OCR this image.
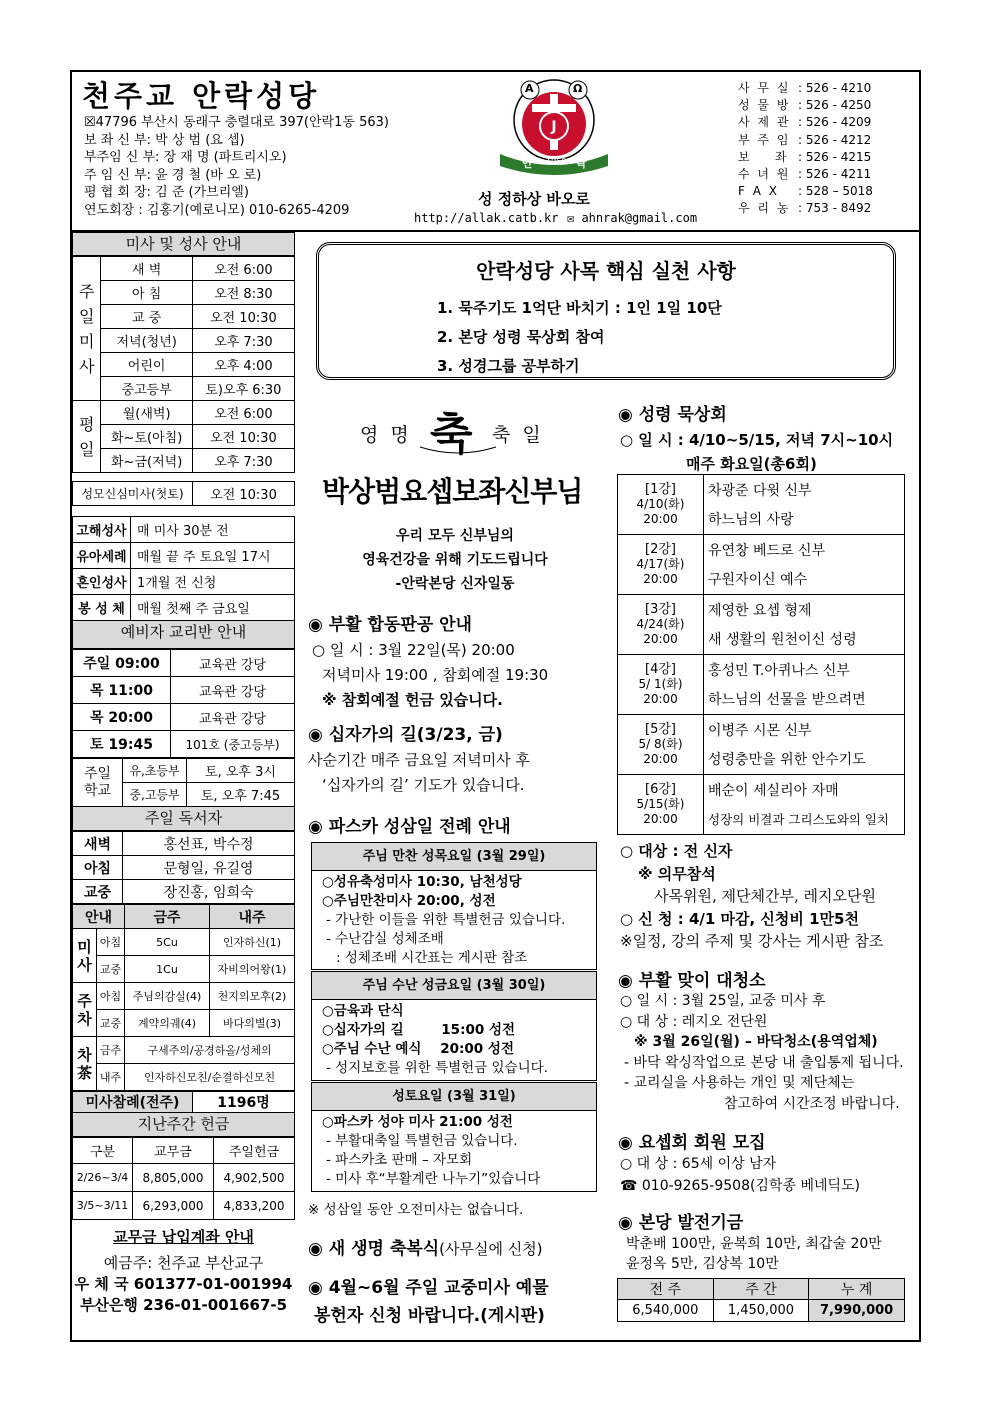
천주교 안락성당
☒47796 부산시 동래구 충렬대로 397(안락1동 563)
보 좌 신 부: 박 상 범 (요 셉)
부주임 신 부: 장 재 명 (파트리시오)
주 임 신 부: 윤 경 철 (바 오 로)
평 협 회 장: 김 준 (가브리엘)
연도회장 : 김홍기(예로니모) 010-6265-4209
J
A	Ω
안 1966 락
성 정하상 바오로
http://allak.catb.kr ✉ ahnrak@gmail.com
사 무 실 : 526 - 4210
성 물 방 : 526 - 4250
사 제 관 : 526 - 4209
부 주 임 : 526 - 4212
보    좌 : 526 - 4215
수 녀 원 : 526 - 4211
F A X : 528 – 5018
우 리 농 : 753 - 8492
미사 및 성사 안내
주일미사	새 벽	오전 6:00
	아 침	오전 8:30
	교 중	오전 10:30
	저녁(청년)	오후 7:30
	어린이	오후 4:00
	중고등부	토)오후 6:30
평일	월(새벽)	오전 6:00
	화~토(아침)	오전 10:30
	화~금(저녁)	오후 7:30
성모신심미사(첫토)	오전 10:30
고해성사	매 미사 30분 전
유아세례	매월 끝 주 토요일 17시
혼인성사	1개월 전 신청
봉 성 체	매월 첫째 주 금요일
예비자 교리반 안내
주일 09:00	교육관 강당
목 11:00	교육관 강당
목 20:00	교육관 강당
토 19:45	101호 (중고등부)
주일학교	유,초등부	토, 오후 3시
	중,고등부	토, 오후 7:45
주일 독서자
새벽	홍선표, 박수정
아침	문형일, 유길영
교중	장진홍, 임희숙
안내		금주	내주
미사	아침	5Cu	인자하신(1)
	교중	1Cu	자비의어왕(1)
주차	아침	주님의감실(4)	천지의모후(2)
	교중	계약의궤(4)	바다의별(3)
차茶	금주	구세주의/공경하올/성체의	
	내주	인자하신모친/순결하신모친	
미사참례(전주)	1196명
지난주간 헌금
구분	교무금	주일헌금
2/26~3/4	8,805,000	4,902,500
3/5~3/11	6,293,000	4,833,200
교무금 납입계좌 안내
예금주: 천주교 부산교구
우 체 국 601377-01-001994
부산은행 236-01-001667-5
안락성당 사목 핵심 실천 사항
1. 묵주기도 1억단 바치기 : 1인 1일 10단
2. 본당 성령 묵상회 참여
3. 성경그룹 공부하기
영 명 축 축 일
박상범요셉보좌신부님
우리 모두 신부님의
영육건강을 위해 기도드립니다
-안락본당 신자일동
◉ 부활 합동판공 안내
○ 일 시 : 3월 22일(목) 20:00
저녁미사 19:00 , 참회예절 19:30
※ 참회예절 헌금 있습니다.
◉ 십자가의 길(3/23, 금)
사순기간 매주 금요일 저녁미사 후
‘십자가의 길’ 기도가 있습니다.
◉ 파스카 성삼일 전례 안내
주님 만찬 성목요일 (3월 29일)
○성유축성미사 10:30, 남천성당
○주님만찬미사 20:00, 성전
- 가난한 이들을 위한 특별헌금 있습니다.
- 수난감실 성체조배
: 성체조배 시간표는 게시판 참조
주님 수난 성금요일 (3월 30일)
○금육과 단식
○십자가의 길        15:00 성전
○주님 수난 예식    20:00 성전
- 성지보호를 위한 특별헌금 있습니다.
성토요일 (3월 31일)
○파스카 성야 미사 21:00 성전
- 부활대축일 특별헌금 있습니다.
- 파스카초 판매 – 자모회
- 미사 후“부활계란 나누기”있습니다
※ 성삼일 동안 오전미사는 없습니다.
◉ 새 생명 축복식(사무실에 신청)
◉ 4월~6월 주일 교중미사 예물
봉헌자 신청 바랍니다.(게시판)
◉ 성령 묵상회
○ 일 시 : 4/10~5/15, 저녁 7시~10시
매주 화요일(총6회)
[1강]
4/10(화)
20:00	차광준 다윗 신부
	하느님의 사랑

[2강]
4/17(화)
20:00	유연창 베드로 신부
	구원자이신 예수

[3강]
4/24(화)
20:00	제영한 요셉 형제
	새 생활의 원천이신 성령

[4강]
5/ 1(화)
20:00	홍성민 T.아퀴나스 신부
	하느님의 선물을 받으려면

[5강]
5/ 8(화)
20:00	이병주 시몬 신부
	성령충만을 위한 안수기도

[6강]
5/15(화)
20:00	배순이 세실리아 자매
	성장의 비결과 그리스도와의 일치
○ 대상 : 전 신자
※ 의무참석
사목위원, 제단체간부, 레지오단원
○ 신 청 : 4/1 마감, 신청비 1만5천
※일정, 강의 주제 및 강사는 게시판 참조
◉ 부활 맞이 대청소
○ 일 시 : 3월 25일, 교중 미사 후
○ 대 상 : 레지오 전단원
※ 3월 26일(월) – 바닥청소(용역업체)
- 바닥 왁싱작업으로 본당 내 출입통제 됩니다.
- 교리실을 사용하는 개인 및 제단체는
참고하여 시간조정 바랍니다.
◉ 요셉회 회원 모집
○ 대 상 : 65세 이상 남자
☎ 010-9265-9508(김학종 베네딕도)
◉ 본당 발전기금
박춘배 100만, 윤복희 10만, 최갑술 20만
윤정옥 5만, 김상복 10만
전 주	주 간	누 계
6,540,000	1,450,000	7,990,000
